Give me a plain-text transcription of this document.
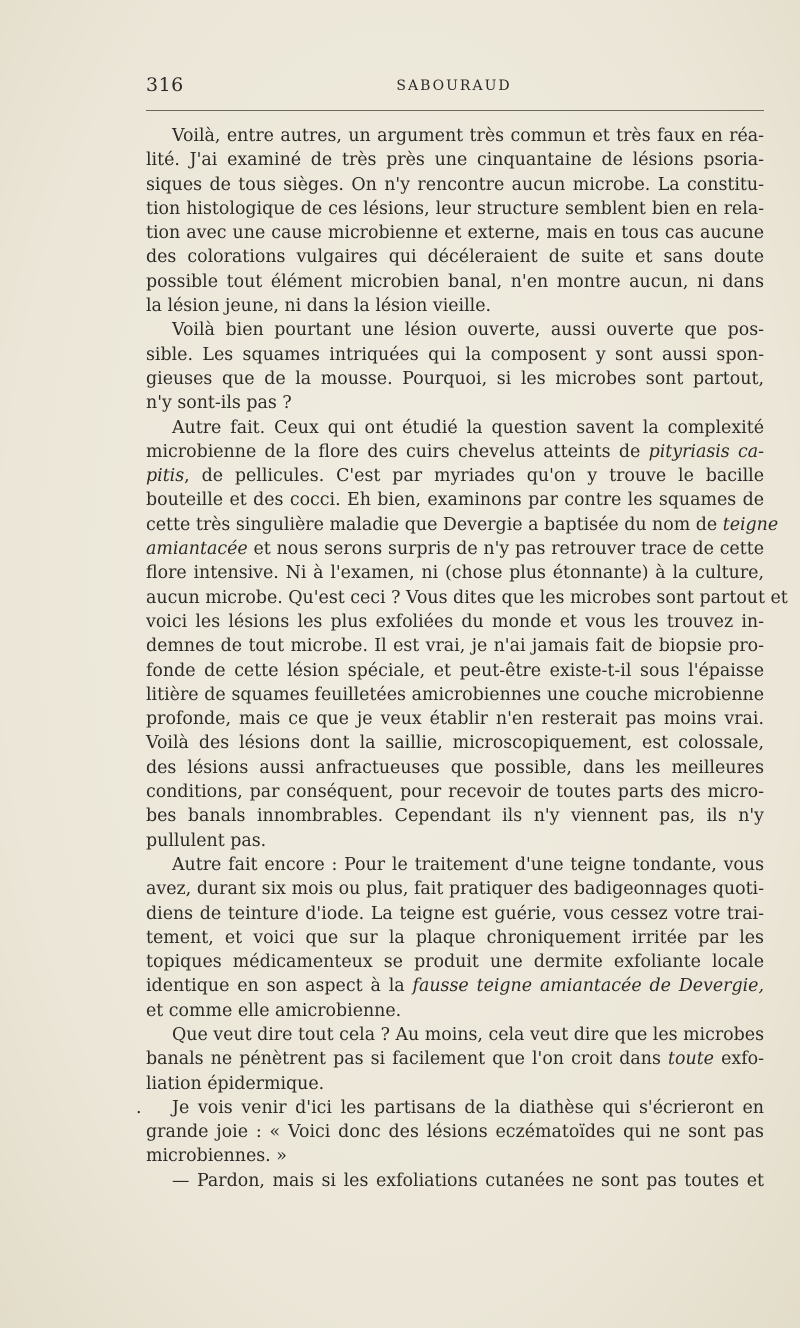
316	SABOURAUD
Voilà, entre autres, un argument très commun et très faux en réa-
lité. J'ai examiné de très près une cinquantaine de lésions psoria-
siques de tous sièges. On n'y rencontre aucun microbe. La constitu-
tion histologique de ces lésions, leur structure semblent bien en rela-
tion avec une cause microbienne et externe, mais en tous cas aucune
des colorations vulgaires qui décéleraient de suite et sans doute
possible tout élément microbien banal, n'en montre aucun, ni dans
la lésion jeune, ni dans la lésion vieille.
Voilà bien pourtant une lésion ouverte, aussi ouverte que pos-
sible. Les squames intriquées qui la composent y sont aussi spon-
gieuses que de la mousse. Pourquoi, si les microbes sont partout,
n'y sont-ils pas ?
Autre fait. Ceux qui ont étudié la question savent la complexité
microbienne de la flore des cuirs chevelus atteints de pityriasis ca-
pitis, de pellicules. C'est par myriades qu'on y trouve le bacille
bouteille et des cocci. Eh bien, examinons par contre les squames de
cette très singulière maladie que Devergie a baptisée du nom de teigne
amiantacée et nous serons surpris de n'y pas retrouver trace de cette
flore intensive. Ni à l'examen, ni (chose plus étonnante) à la culture,
aucun microbe. Qu'est ceci ? Vous dites que les microbes sont partout et
voici les lésions les plus exfoliées du monde et vous les trouvez in-
demnes de tout microbe. Il est vrai, je n'ai jamais fait de biopsie pro-
fonde de cette lésion spéciale, et peut-être existe-t-il sous l'épaisse
litière de squames feuilletées amicrobiennes une couche microbienne
profonde, mais ce que je veux établir n'en resterait pas moins vrai.
Voilà des lésions dont la saillie, microscopiquement, est colossale,
des lésions aussi anfractueuses que possible, dans les meilleures
conditions, par conséquent, pour recevoir de toutes parts des micro-
bes banals innombrables. Cependant ils n'y viennent pas, ils n'y
pullulent pas.
Autre fait encore : Pour le traitement d'une teigne tondante, vous
avez, durant six mois ou plus, fait pratiquer des badigeonnages quoti-
diens de teinture d'iode. La teigne est guérie, vous cessez votre trai-
tement, et voici que sur la plaque chroniquement irritée par les
topiques médicamenteux se produit une dermite exfoliante locale
identique en son aspect à la fausse teigne amiantacée de Devergie,
et comme elle amicrobienne.
Que veut dire tout cela ? Au moins, cela veut dire que les microbes
banals ne pénètrent pas si facilement que l'on croit dans toute exfo-
liation épidermique.
. Je vois venir d'ici les partisans de la diathèse qui s'écrieront en
grande joie : « Voici donc des lésions eczématoïdes qui ne sont pas
microbiennes. »
— Pardon, mais si les exfoliations cutanées ne sont pas toutes et
